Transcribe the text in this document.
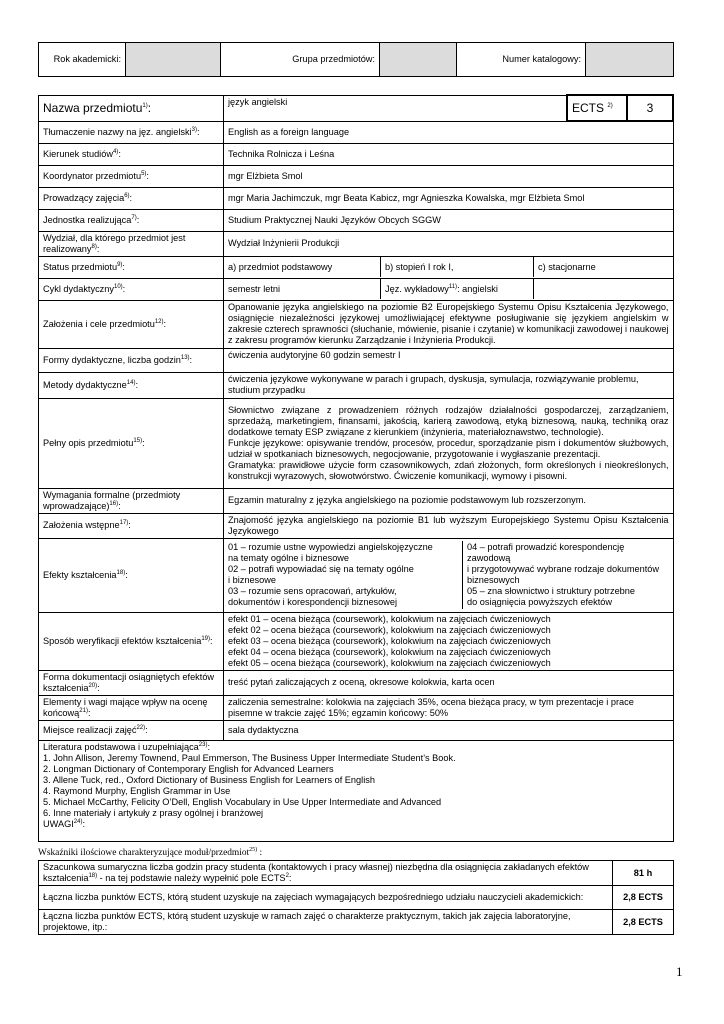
Rok akademicki:		Grupa przedmiotów:		Numer katalogowy:	
Nazwa przedmiotu$^{1)}$:	język angielski	ECTS $^{2)}$	3
Tłumaczenie nazwy na jęz. angielski$^{3)}$:	English as a foreign language
Kierunek studiów$^{4)}$:	Technika Rolnicza i Leśna
Koordynator przedmiotu$^{5)}$:	mgr Elżbieta Smol
Prowadzący zajęcia$^{6)}$:	mgr Maria Jachimczuk, mgr Beata Kabicz, mgr Agnieszka Kowalska, mgr Elżbieta Smol
Jednostka realizująca$^{7)}$:	Studium Praktycznej Nauki Języków Obcych SGGW
Wydział, dla którego przedmiot jest realizowany$^{8)}$:	Wydział Inżynierii Produkcji
Status przedmiotu$^{9)}$:		a) przedmiot podstawowy	b) stopień I rok I,	c) stacjonarne

Cykl dydaktyczny$^{10)}$:		semestr letni	Jęz. wykładowy$^{11)}$: angielski	

Założenia i cele przedmiotu$^{12)}$:	Opanowanie języka angielskiego na poziomie B2 Europejskiego Systemu Opisu Kształcenia Językowego, osiągnięcie niezależności językowej umożliwiającej efektywne posługiwanie się językiem angielskim w zakresie czterech sprawności (słuchanie, mówienie, pisanie i czytanie) w komunikacji zawodowej i naukowej z zakresu programów kierunku Zarządzanie i Inżynieria Produkcji.
Formy dydaktyczne, liczba godzin$^{13)}$:	ćwiczenia audytoryjne 60 godzin semestr I
Metody dydaktyczne$^{14)}$:	ćwiczenia językowe wykonywane w parach i grupach, dyskusja, symulacja, rozwiązywanie problemu, studium przypadku
Pełny opis przedmiotu$^{15)}$:	
Słownictwo związane z prowadzeniem różnych rodzajów działalności gospodarczej, zarządzaniem, sprzedażą, marketingiem, finansami, jakością, karierą zawodową, etyką biznesową, nauką, techniką oraz dodatkowe tematy ESP związane z kierunkiem (inżynieria, materiałoznawstwo, technologie).
Funkcje językowe: opisywanie trendów, procesów, procedur, sporządzanie pism i dokumentów służbowych, udział w spotkaniach biznesowych, negocjowanie, przygotowanie i wygłaszanie prezentacji.
Gramatyka: prawidłowe użycie form czasownikowych, zdań złożonych, form określonych i nieokreślonych, konstrukcji wyrazowych, słowotwórstwo. Ćwiczenie komunikacji, wymowy i pisowni.

Wymagania formalne (przedmioty wprowadzające)$^{16)}$:	Egzamin maturalny z języka angielskiego na poziomie podstawowym lub rozszerzonym.
Założenia wstępne$^{17)}$:	Znajomość języka angielskiego na poziomie B1 lub wyższym Europejskiego Systemu Opisu Kształcenia Językowego
Efekty kształcenia$^{18)}$:	
01 – rozumie ustne wypowiedzi angielskojęzyczne
na tematy ogólne i biznesowe
02 – potrafi wypowiadać się na tematy ogólne
i biznesowe
03 – rozumie sens opracowań, artykułów,
dokumentów i korespondencji biznesowej

04 – potrafi prowadzić korespondencję
zawodową
i przygotowywać wybrane rodzaje dokumentów
biznesowych
05 – zna słownictwo i struktury potrzebne
do osiągnięcia powyższych efektów

Sposób weryfikacji efektów kształcenia$^{19)}$:	
efekt 01 – ocena bieżąca (coursework), kolokwium na zajęciach ćwiczeniowych
efekt 02 – ocena bieżąca (coursework), kolokwium na zajęciach ćwiczeniowych
efekt 03 – ocena bieżąca (coursework), kolokwium na zajęciach ćwiczeniowych
efekt 04 – ocena bieżąca (coursework), kolokwium na zajęciach ćwiczeniowych
efekt 05 – ocena bieżąca (coursework), kolokwium na zajęciach ćwiczeniowych

Forma dokumentacji osiągniętych efektów kształcenia$^{20)}$:	treść pytań zaliczających z oceną, okresowe kolokwia, karta ocen
Elementy i wagi mające wpływ na ocenę końcową$^{21)}$:	zaliczenia semestralne: kolokwia na zajęciach 35%, ocena bieżąca pracy, w tym prezentacje i prace pisemne w trakcie zajęć 15%; egzamin końcowy: 50%
Miejsce realizacji zajęć$^{22)}$:	sala dydaktyczna

Literatura podstawowa i uzupełniająca$^{23)}$:
1. John Allison, Jeremy Townend, Paul Emmerson, The Business Upper Intermediate Student’s Book.
2. Longman Dictionary of Contemporary English for Advanced Learners
3. Allene Tuck, red., Oxford Dictionary of Business English for Learners of English
4. Raymond Murphy, English Grammar in Use
5. Michael McCarthy, Felicity O’Dell, English Vocabulary in Use Upper Intermediate and Advanced
6. Inne materiały i artykuły z prasy ogólnej i branżowej
UWAGI$^{24)}$:
Wskaźniki ilościowe charakteryzujące moduł/przedmiot$^{25)}$ :
Szacunkowa sumaryczna liczba godzin pracy studenta (kontaktowych i pracy własnej) niezbędna dla osiągnięcia zakładanych efektów kształcenia$^{18)}$ - na tej podstawie należy wypełnić pole ECTS$^2$:	81 h
Łączna liczba punktów ECTS, którą student uzyskuje na zajęciach wymagających bezpośredniego udziału nauczycieli akademickich:	2,8 ECTS
Łączna liczba punktów ECTS, którą student uzyskuje w ramach zajęć o charakterze praktycznym, takich jak zajęcia laboratoryjne, projektowe, itp.:	2,8 ECTS
1
